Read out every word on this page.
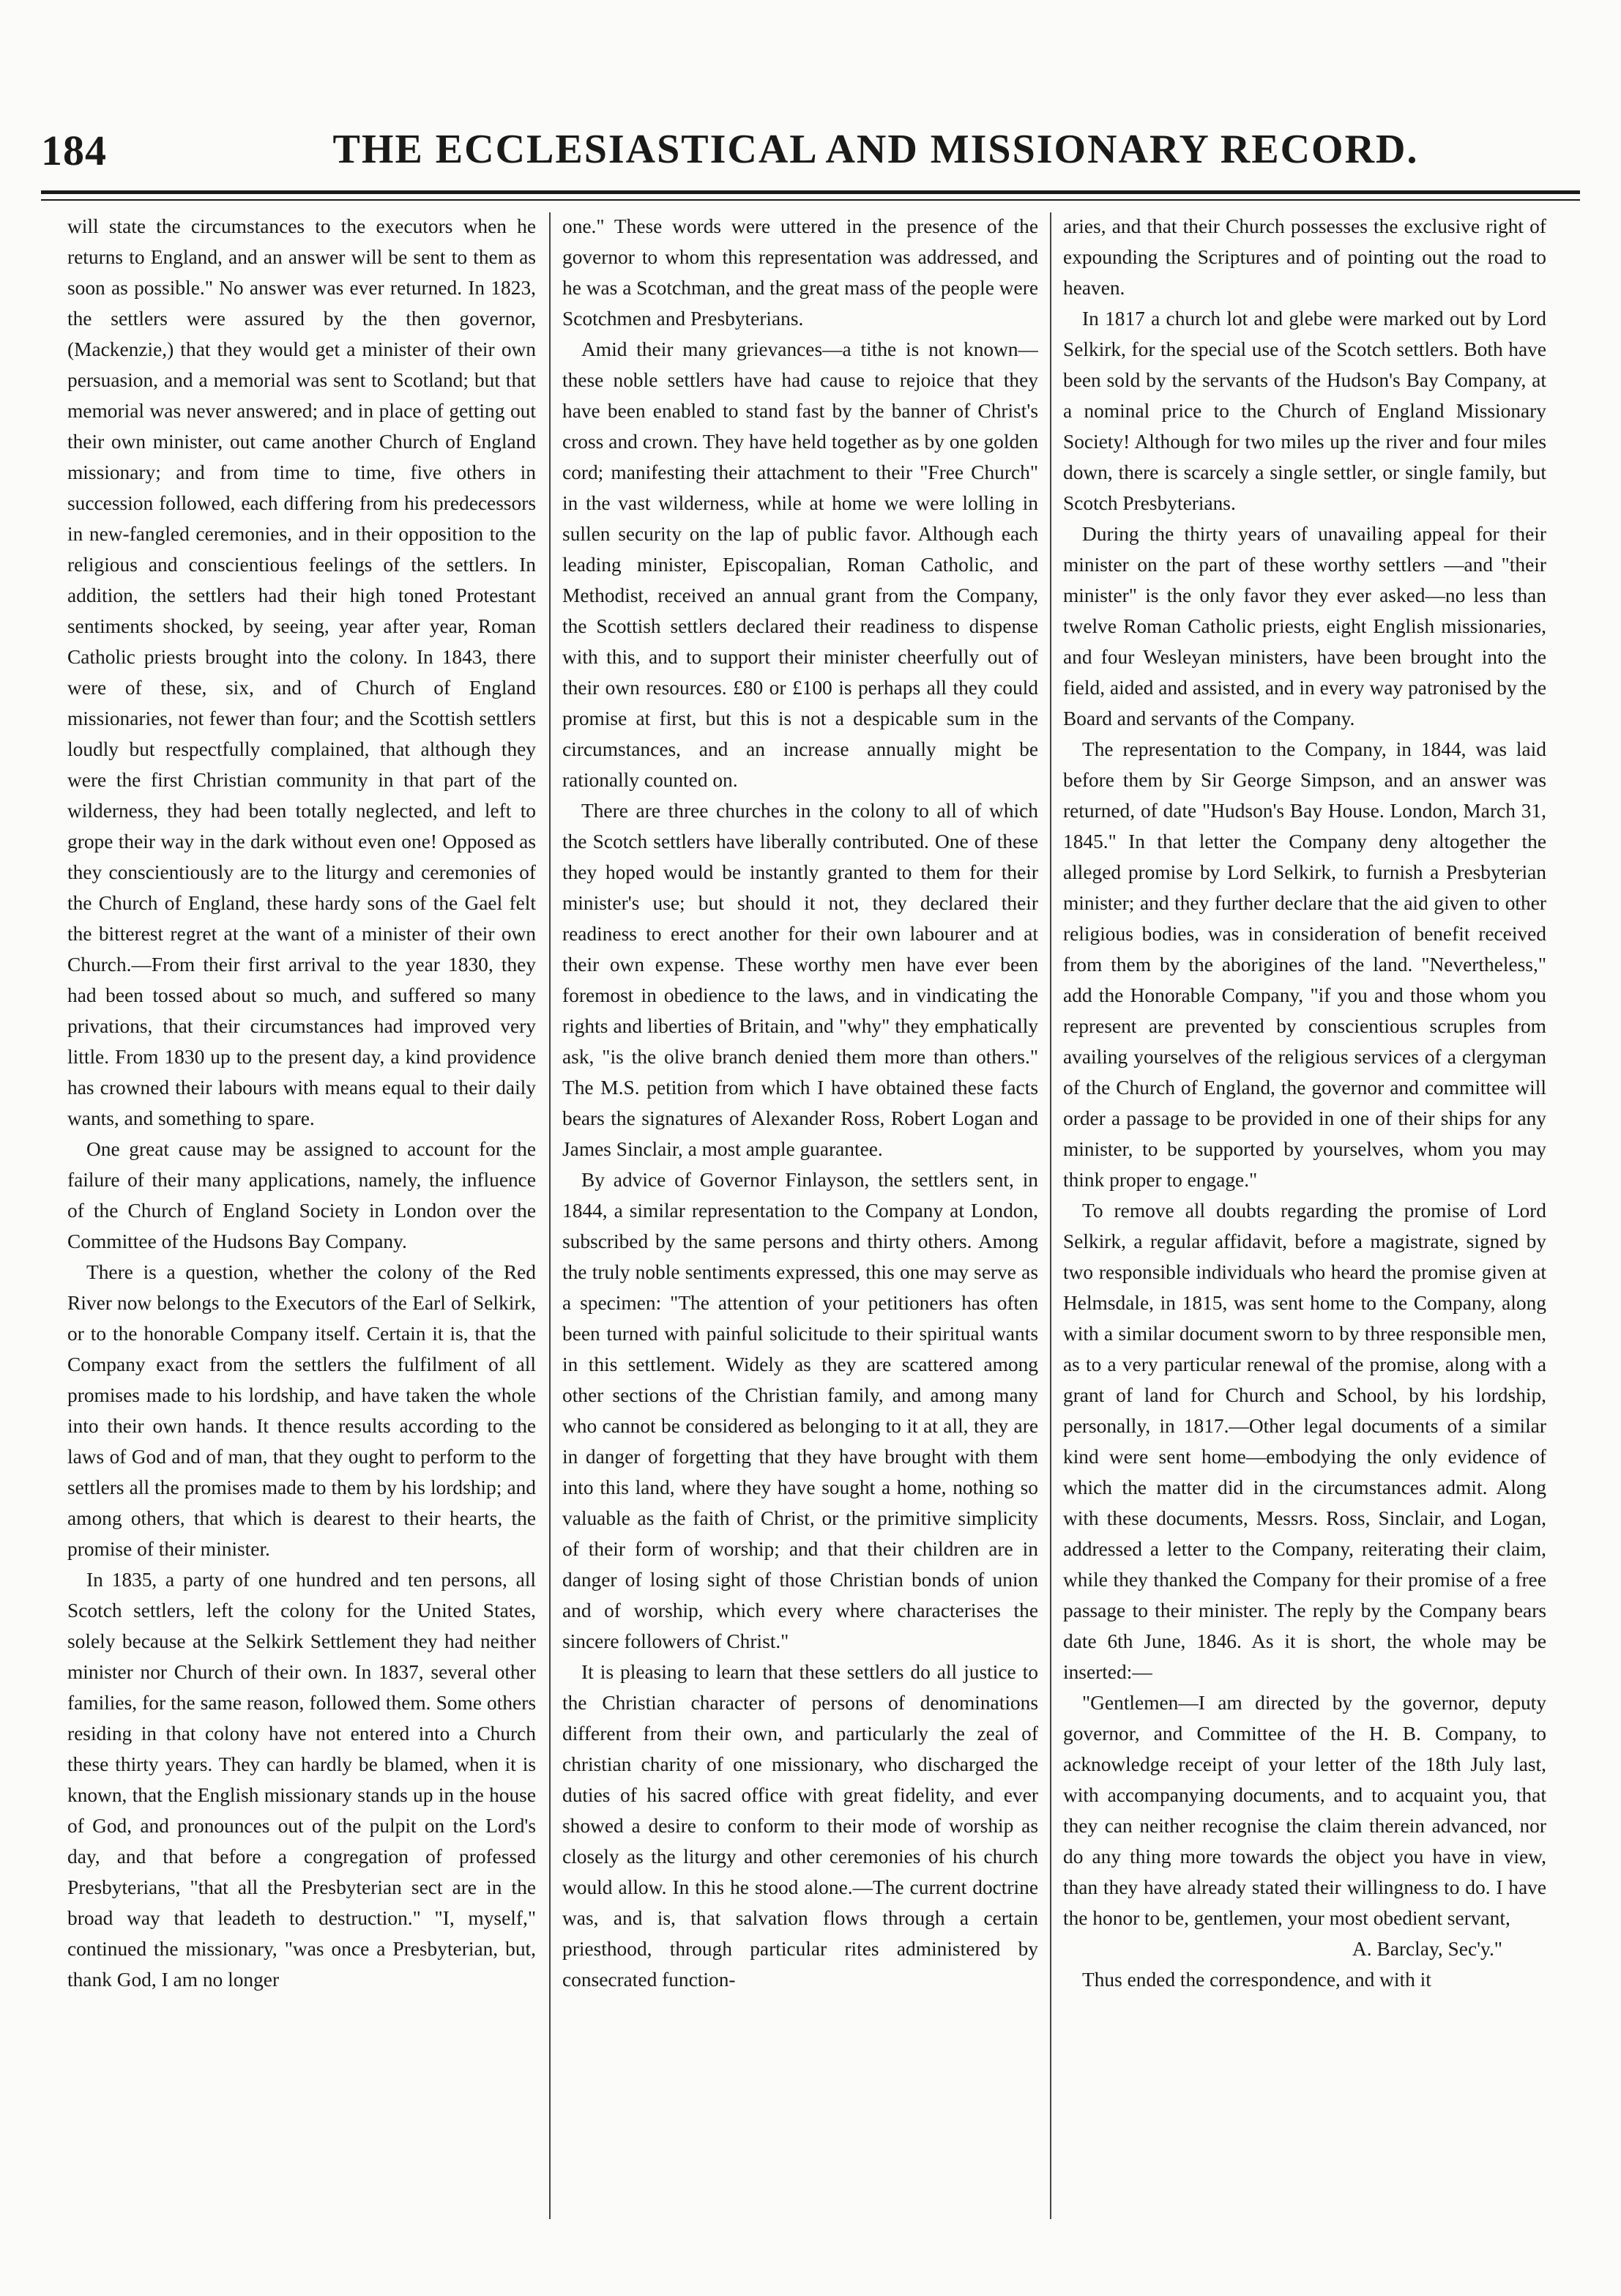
184	THE ECCLESIASTICAL AND MISSIONARY RECORD.

will state the circumstances to the executors when he returns to England, and an answer will be sent to them as soon as possible." No answer was ever returned. In 1823, the settlers were assured by the then governor, (Mackenzie,) that they would get a minister of their own persuasion, and a memorial was sent to Scotland; but that memorial was never answered; and in place of getting out their own minister, out came another Church of England missionary; and from time to time, five others in succession followed, each differing from his predecessors in new-fangled ceremonies, and in their opposition to the religious and conscientious feelings of the settlers. In addition, the settlers had their high toned Protestant sentiments shocked, by seeing, year after year, Roman Catholic priests brought into the colony. In 1843, there were of these, six, and of Church of England missionaries, not fewer than four; and the Scottish settlers loudly but respectfully complained, that although they were the first Christian community in that part of the wilderness, they had been totally neglected, and left to grope their way in the dark without even one! Opposed as they conscientiously are to the liturgy and ceremonies of the Church of England, these hardy sons of the Gael felt the bitterest regret at the want of a minister of their own Church.—From their first arrival to the year 1830, they had been tossed about so much, and suffered so many privations, that their circumstances had improved very little. From 1830 up to the present day, a kind providence has crowned their labours with means equal to their daily wants, and something to spare.

One great cause may be assigned to account for the failure of their many applications, namely, the influence of the Church of England Society in London over the Committee of the Hudsons Bay Company.

There is a question, whether the colony of the Red River now belongs to the Executors of the Earl of Selkirk, or to the honorable Company itself. Certain it is, that the Company exact from the settlers the fulfilment of all promises made to his lordship, and have taken the whole into their own hands. It thence results according to the laws of God and of man, that they ought to perform to the settlers all the promises made to them by his lordship; and among others, that which is dearest to their hearts, the promise of their minister.

In 1835, a party of one hundred and ten persons, all Scotch settlers, left the colony for the United States, solely because at the Selkirk Settlement they had neither minister nor Church of their own. In 1837, several other families, for the same reason, followed them. Some others residing in that colony have not entered into a Church these thirty years. They can hardly be blamed, when it is known, that the English missionary stands up in the house of God, and pronounces out of the pulpit on the Lord's day, and that before a congregation of professed Presbyterians, "that all the Presbyterian sect are in the broad way that leadeth to destruction." "I, myself," continued the missionary, "was once a Presbyterian, but, thank God, I am no longer

one." These words were uttered in the presence of the governor to whom this representation was addressed, and he was a Scotchman, and the great mass of the people were Scotchmen and Presbyterians.

Amid their many grievances—a tithe is not known—these noble settlers have had cause to rejoice that they have been enabled to stand fast by the banner of Christ's cross and crown. They have held together as by one golden cord; manifesting their attachment to their "Free Church" in the vast wilderness, while at home we were lolling in sullen security on the lap of public favor. Although each leading minister, Episcopalian, Roman Catholic, and Methodist, received an annual grant from the Company, the Scottish settlers declared their readiness to dispense with this, and to support their minister cheerfully out of their own resources. £80 or £100 is perhaps all they could promise at first, but this is not a despicable sum in the circumstances, and an increase annually might be rationally counted on.

There are three churches in the colony to all of which the Scotch settlers have liberally contributed. One of these they hoped would be instantly granted to them for their minister's use; but should it not, they declared their readiness to erect another for their own labourer and at their own expense. These worthy men have ever been foremost in obedience to the laws, and in vindicating the rights and liberties of Britain, and "why" they emphatically ask, "is the olive branch denied them more than others." The M.S. petition from which I have obtained these facts bears the signatures of Alexander Ross, Robert Logan and James Sinclair, a most ample guarantee.

By advice of Governor Finlayson, the settlers sent, in 1844, a similar representation to the Company at London, subscribed by the same persons and thirty others. Among the truly noble sentiments expressed, this one may serve as a specimen: "The attention of your petitioners has often been turned with painful solicitude to their spiritual wants in this settlement. Widely as they are scattered among other sections of the Christian family, and among many who cannot be considered as belonging to it at all, they are in danger of forgetting that they have brought with them into this land, where they have sought a home, nothing so valuable as the faith of Christ, or the primitive simplicity of their form of worship; and that their children are in danger of losing sight of those Christian bonds of union and of worship, which every where characterises the sincere followers of Christ."

It is pleasing to learn that these settlers do all justice to the Christian character of persons of denominations different from their own, and particularly the zeal of christian charity of one missionary, who discharged the duties of his sacred office with great fidelity, and ever showed a desire to conform to their mode of worship as closely as the liturgy and other ceremonies of his church would allow. In this he stood alone.—The current doctrine was, and is, that salvation flows through a certain priesthood, through particular rites administered by consecrated function-

aries, and that their Church possesses the exclusive right of expounding the Scriptures and of pointing out the road to heaven.

In 1817 a church lot and glebe were marked out by Lord Selkirk, for the special use of the Scotch settlers. Both have been sold by the servants of the Hudson's Bay Company, at a nominal price to the Church of England Missionary Society! Although for two miles up the river and four miles down, there is scarcely a single settler, or single family, but Scotch Presbyterians.

During the thirty years of unavailing appeal for their minister on the part of these worthy settlers —and "their minister" is the only favor they ever asked—no less than twelve Roman Catholic priests, eight English missionaries, and four Wesleyan ministers, have been brought into the field, aided and assisted, and in every way patronised by the Board and servants of the Company.

The representation to the Company, in 1844, was laid before them by Sir George Simpson, and an answer was returned, of date "Hudson's Bay House. London, March 31, 1845." In that letter the Company deny altogether the alleged promise by Lord Selkirk, to furnish a Presbyterian minister; and they further declare that the aid given to other religious bodies, was in consideration of benefit received from them by the aborigines of the land. "Nevertheless," add the Honorable Company, "if you and those whom you represent are prevented by conscientious scruples from availing yourselves of the religious services of a clergyman of the Church of England, the governor and committee will order a passage to be provided in one of their ships for any minister, to be supported by yourselves, whom you may think proper to engage."

To remove all doubts regarding the promise of Lord Selkirk, a regular affidavit, before a magistrate, signed by two responsible individuals who heard the promise given at Helmsdale, in 1815, was sent home to the Company, along with a similar document sworn to by three responsible men, as to a very particular renewal of the promise, along with a grant of land for Church and School, by his lordship, personally, in 1817.—Other legal documents of a similar kind were sent home—embodying the only evidence of which the matter did in the circumstances admit. Along with these documents, Messrs. Ross, Sinclair, and Logan, addressed a letter to the Company, reiterating their claim, while they thanked the Company for their promise of a free passage to their minister. The reply by the Company bears date 6th June, 1846. As it is short, the whole may be inserted:—

"Gentlemen—I am directed by the governor, deputy governor, and Committee of the H. B. Company, to acknowledge receipt of your letter of the 18th July last, with accompanying documents, and to acquaint you, that they can neither recognise the claim therein advanced, nor do any thing more towards the object you have in view, than they have already stated their willingness to do. I have the honor to be, gentlemen, your most obedient servant,

A. Barclay, Sec'y."

Thus ended the correspondence, and with it
